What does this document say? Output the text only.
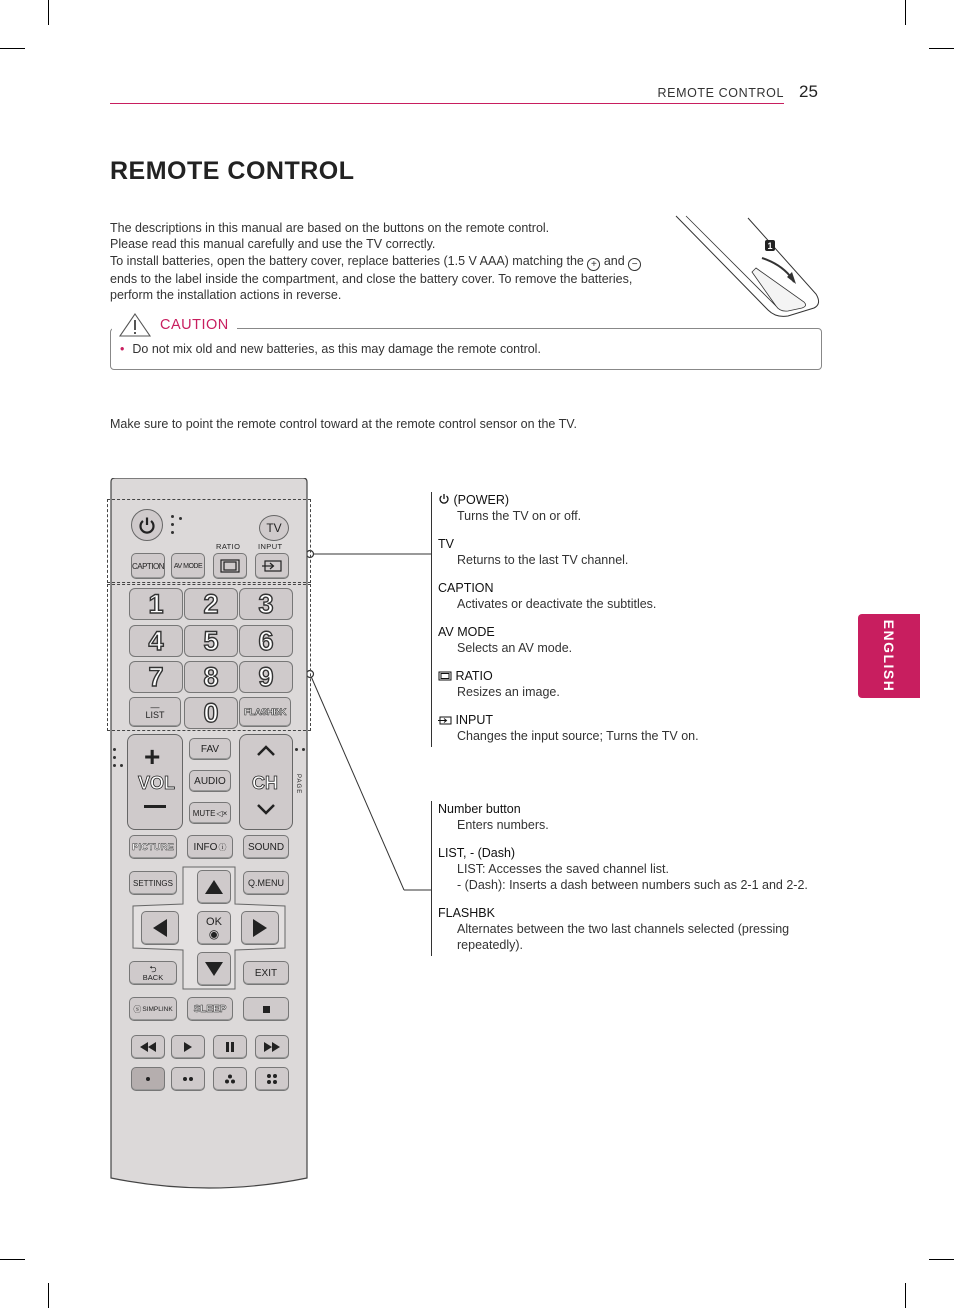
REMOTE CONTROL 25
REMOTE CONTROL

The descriptions in this manual are based on the buttons on the remote control.

Please read this manual carefully and use the TV correctly.

To install batteries, open the battery cover, replace batteries (1.5 V AAA) matching the + and − ends to the label inside the compartment, and close the battery cover. To remove the batteries, perform the installation actions in reverse.

1
CAUTION
• Do not mix old and new batteries, as this may damage the remote control.
Make sure to point the remote control toward at the remote control sensor on the TV.
ENGLISH
(POWER)
Turns the TV on or off.
TV
Returns to the last TV channel.
CAPTION
Activates or deactivate the subtitles.
AV MODE
Selects an AV mode.
RATIO
Resizes an image.
INPUT
Changes the input source; Turns the TV on.
Number button
Enters numbers.
LIST, - (Dash)
LIST: Accesses the saved channel list.
- (Dash): Inserts a dash between numbers such as 2-1 and 2-2.
FLASHBK
Alternates between the two last channels selected (pressing repeatedly).
TV
RATIO INPUT
CAPTION AV MODE
1	2	3
4	5	6
7	8	9
—
LIST	0	FLASHBK
+
VOL	CH	PAGE
FAV
AUDIO
MUTE ◁×
PICTURE INFO ⓘ SOUND
SETTINGS	Q.MENU
OK
◉
⮌
BACK	EXIT
ⓢ SIMPLINK SLEEP
